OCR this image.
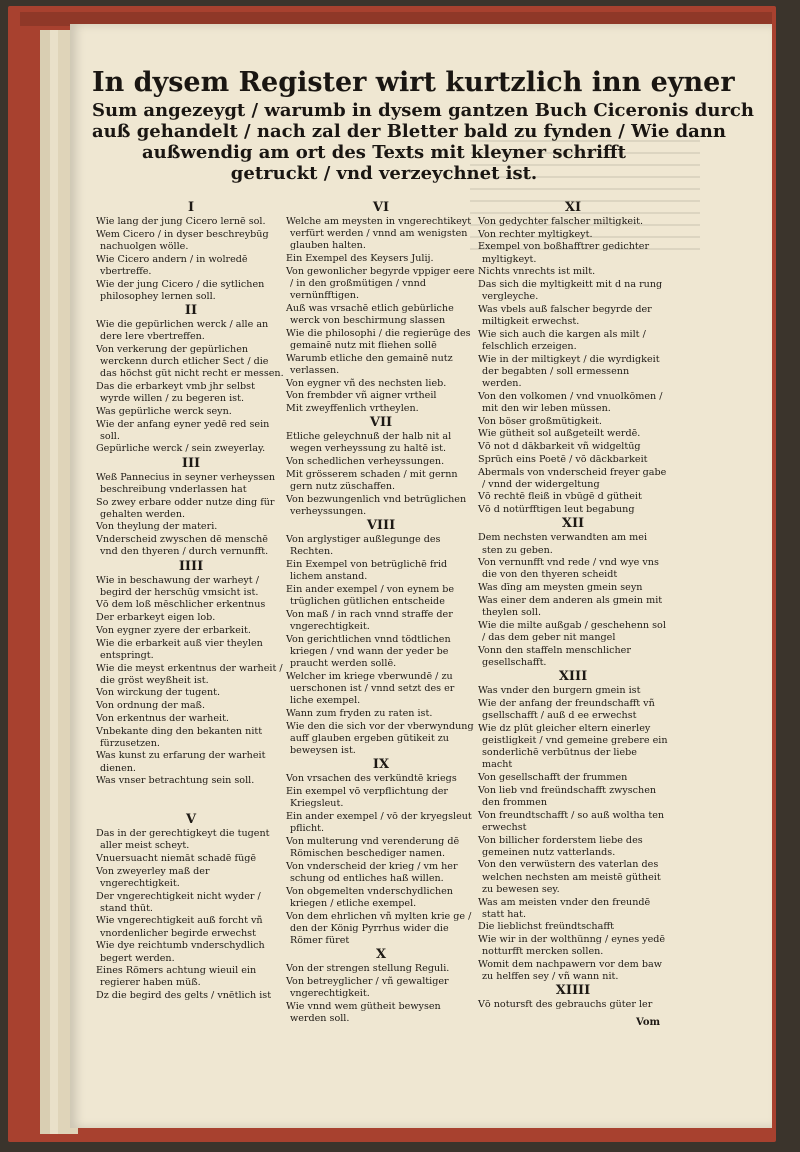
In dysem Register wirt kurtzlich inn eyner
Sum angezeygt / warumb in dysem gantzen Buch Ciceronis durch
auß gehandelt / nach zal der Bletter bald zu fynden / Wie dann
außwendig am ort des Texts mit kleyner schrifft
getruckt / vnd verzeychnet ist.
I
Wie lang der jung Cicero lernē sol.
Wem Cicero / in dyser beschreybūg nachuolgen wölle.
Wie Cicero andern / in wolredē vbertreffe.
Wie der jung Cicero / die sytlichen philosophey lernen soll.
II
Wie die gepürlichen werck / alle an dere lere vbertreffen.
Von verkerung der gepürlichen werckenn durch etlicher Sect / die das höchst güt nicht recht er messen.
Das die erbarkeyt vmb jhr selbst wyrde willen / zu begeren ist.
Was gepürliche werck seyn.
Wie der anfang eyner yedē red sein soll.
Gepürliche werck / sein zweyerlay.
III
Weß Pannecius in seyner verheyssen beschreibung vnderlassen hat
So zwey erbare odder nutze ding für gehalten werden.
Von theylung der materi.
Vnderscheid zwyschen dē menschē vnd den thyeren / durch vernunfft.
IIII
Wie in beschawung der warheyt / begird der herschūg vmsicht ist.
Vō dem loß mēschlicher erkentnus
Der erbarkeyt eigen lob.
Von eygner zyere der erbarkeit.
Wie die erbarkeit auß vier theylen entspringt.
Wie die meyst erkentnus der warheit / die gröst weyßheit ist.
Von wirckung der tugent.
Von ordnung der maß.
Von erkentnus der warheit.
Vnbekante ding den bekanten nitt fürzusetzen.
Was kunst zu erfarung der warheit dienen.
Was vnser betrachtung sein soll.
V
Das in der gerechtigkeyt die tugent aller meist scheyt.
Vnuersuacht niemāt schadē fügē
Von zweyerley maß der vngerechtigkeit.
Der vngerechtigkeit nicht wyder / stand thūt.
Wie vngerechtigkeit auß forcht vñ vnordenlicher begirde erwechst
Wie dye reichtumb vnderschydlich begert werden.
Eines Römers achtung wieuil ein regierer haben müß.
Dz die begird des gelts / vnētlich ist
VI
Welche am meysten in vngerechtikeyt verfürt werden / vnnd am wenigsten glauben halten.
Ein Exempel des Keysers Julij.
Von gewonlicher begyrde vppiger eere / in den großmütigen / vnnd vernünfftigen.
Auß was vrsachē etlich gebürliche werck von beschirmung slassen
Wie die philosophi / die regierūge des gemainē nutz mit fliehen sollē
Warumb etliche den gemainē nutz verlassen.
Von eygner vñ des nechsten lieb.
Von frembder vñ aigner vrtheil
Mit zweyffenlich vrtheylen.
VII
Etliche geleychnuß der halb nit al wegen verheyssung zu haltē ist.
Von schedlichen verheyssungen.
Mit grösserem schaden / mit gernn gern nutz züschaffen.
Von bezwungenlich vnd betrüglichen verheyssungen.
VIII
Von arglystiger außlegunge des Rechten.
Ein Exempel von betrüglichē frid lichem anstand.
Ein ander exempel / von eynem be trüglichen gütlichen entscheide
Von maß / in rach vnnd straffe der vngerechtigkeit.
Von gerichtlichen vnnd tödtlichen kriegen / vnd wann der yeder be praucht werden sollē.
Welcher im kriege vberwundē / zu uerschonen ist / vnnd setzt des er liche exempel.
Wann zum fryden zu raten ist.
Wie den die sich vor der vberwyndung auff glauben ergeben gütikeit zu beweysen ist.
IX
Von vrsachen des verkündtē kriegs
Ein exempel vō verpflichtung der Kriegsleut.
Ein ander exempel / vō der kryegsleut pflicht.
Von multerung vnd verenderung dē Römischen beschediger namen.
Von vnderscheid der krieg / vm her schung od entliches haß willen.
Von obgemelten vnderschydlichen kriegen / etliche exempel.
Von dem ehrlichen vñ mylten krie ge / den der König Pyrrhus wider die Römer füret
X
Von der strengen stellung Reguli.
Von betreyglicher / vñ gewaltiger vngerechtigkeit.
Wie vnnd wem gütheit bewysen werden soll.
XI
Von gedychter falscher miltigkeit.
Von rechter myltigkeyt.
Exempel von boßhafftrer gedichter myltigkeyt.
Nichts vnrechts ist milt.
Das sich die myltigkeitt mit d na rung vergleyche.
Was vbels auß falscher begyrde der miltigkeit erwechst.
Wie sich auch die kargen als milt / felschlich erzeigen.
Wie in der miltigkeyt / die wyrdigkeit der begabten / soll ermessenn werden.
Von den volkomen / vnd vnuolkōmen / mit den wir leben müssen.
Von böser großmütigkeit.
Wie gütheit sol außgeteilt werdē.
Vō not d dākbarkeit vñ widgeltūg
Sprüch eins Poetē / vō dāckbarkeit
Abermals von vnderscheid freyer gabe / vnnd der widergeltung
Vō rechtē fleiß in vbūgē d gütheit
Vō d notürfftigen leut begabung
XII
Dem nechsten verwandten am mei sten zu geben.
Von vernunfft vnd rede / vnd wye vns die von den thyeren scheidt
Was dīng am meysten gmein seyn
Was einer dem anderen als gmein mit theylen soll.
Wie die milte außgab / geschehenn sol / das dem geber nit mangel
Vonn den staffeln menschlicher gesellschafft.
XIII
Was vnder den burgern gmein ist
Wie der anfang der freundschafft vñ gsellschafft / auß d ee erwechst
Wie dz plūt gleicher eltern einerley geistligkeit / vnd gemeine grebere ein sonderlichē verbūtnus der liebe macht
Von gesellschafft der frummen
Von lieb vnd freündschafft zwyschen den frommen
Von freundtschafft / so auß woltha ten erwechst
Von billicher forderstem liebe des gemeinen nutz vatterlands.
Von den verwüstern des vaterlan des welchen nechsten am meistē gütheit zu bewesen sey.
Was am meisten vnder den freundē statt hat.
Die lieblichst freündtschafft
Wie wir in der wolthünng / eynes yedē notturfft mercken sollen.
Womit dem nachpawern vor dem baw zu helffen sey / vñ wann nit.
XIIII
Vō notursft des gebrauchs güter ler
Vom
